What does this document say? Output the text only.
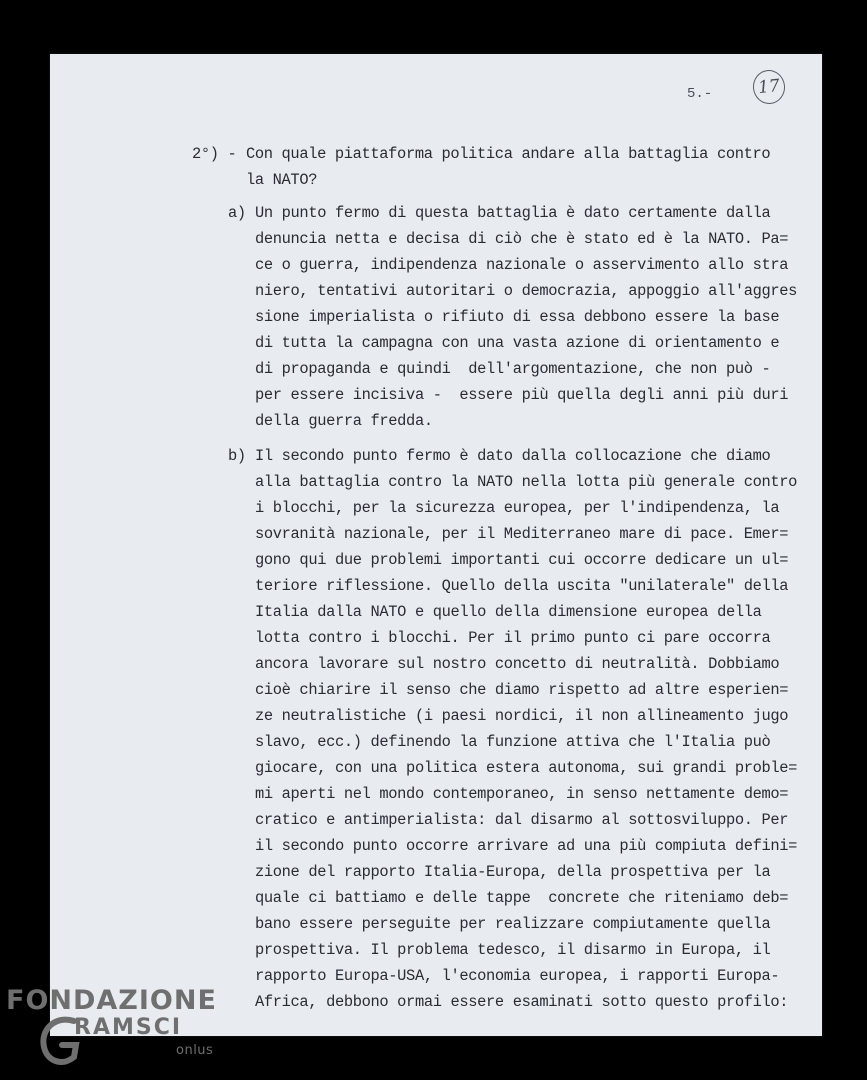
5.-	17
2°) - Con quale piattaforma politica andare alla battaglia contro
la NATO?
a) Un punto fermo di questa battaglia è dato certamente dalla
denuncia netta e decisa di ciò che è stato ed è la NATO. Pa=
ce o guerra, indipendenza nazionale o asservimento allo stra
niero, tentativi autoritari o democrazia, appoggio all'aggres
sione imperialista o rifiuto di essa debbono essere la base
di tutta la campagna con una vasta azione di orientamento e
di propaganda e quindi  dell'argomentazione, che non può -
per essere incisiva -  essere più quella degli anni più duri
della guerra fredda.
b) Il secondo punto fermo è dato dalla collocazione che diamo
alla battaglia contro la NATO nella lotta più generale contro
i blocchi, per la sicurezza europea, per l'indipendenza, la
sovranità nazionale, per il Mediterraneo mare di pace. Emer=
gono qui due problemi importanti cui occorre dedicare un ul=
teriore riflessione. Quello della uscita "unilaterale" della
Italia dalla NATO e quello della dimensione europea della
lotta contro i blocchi. Per il primo punto ci pare occorra
ancora lavorare sul nostro concetto di neutralità. Dobbiamo
cioè chiarire il senso che diamo rispetto ad altre esperien=
ze neutralistiche (i paesi nordici, il non allineamento jugo
slavo, ecc.) definendo la funzione attiva che l'Italia può
giocare, con una politica estera autonoma, sui grandi proble=
mi aperti nel mondo contemporaneo, in senso nettamente demo=
cratico e antimperialista: dal disarmo al sottosviluppo. Per
il secondo punto occorre arrivare ad una più compiuta defini=
zione del rapporto Italia-Europa, della prospettiva per la
quale ci battiamo e delle tappe  concrete che riteniamo deb=
bano essere perseguite per realizzare compiutamente quella
prospettiva. Il problema tedesco, il disarmo in Europa, il
rapporto Europa-USA, l'economia europea, i rapporti Europa-
Africa, debbono ormai essere esaminati sotto questo profilo:
FONDAZIONE
RAMSCI
onlus
